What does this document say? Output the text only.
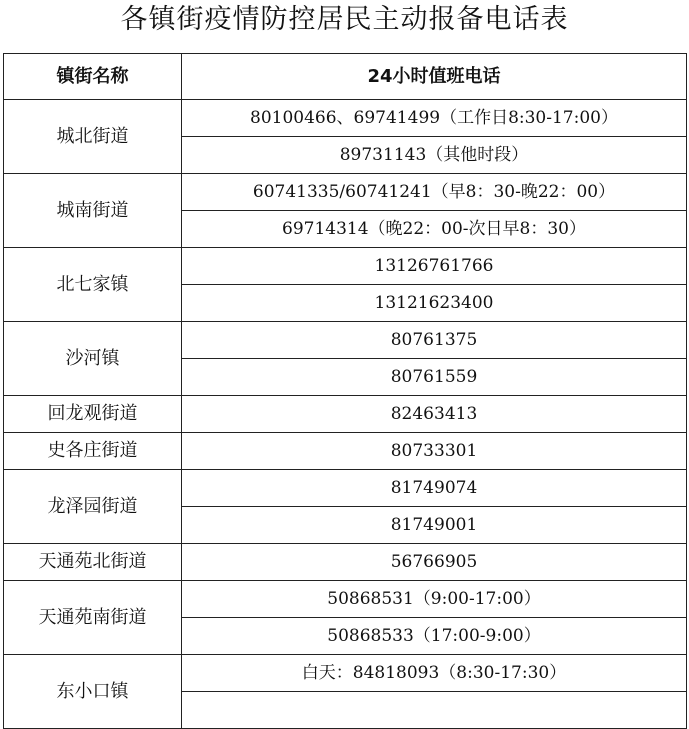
各镇街疫情防控居民主动报备电话表
镇街名称	24小时值班电话
城北街道	80100466、69741499（工作日8:30-17:00）
	89731143（其他时段）
城南街道	60741335/60741241（早8：30-晚22：00）
	69714314（晚22：00-次日早8：30）
北七家镇	13126761766
	13121623400
沙河镇	80761375
	80761559
回龙观街道	82463413
史各庄街道	80733301
龙泽园街道	81749074
	81749001
天通苑北街道	56766905
天通苑南街道	50868531（9:00-17:00）
	50868533（17:00-9:00）
东小口镇	白天：84818093（8:30-17:30）
